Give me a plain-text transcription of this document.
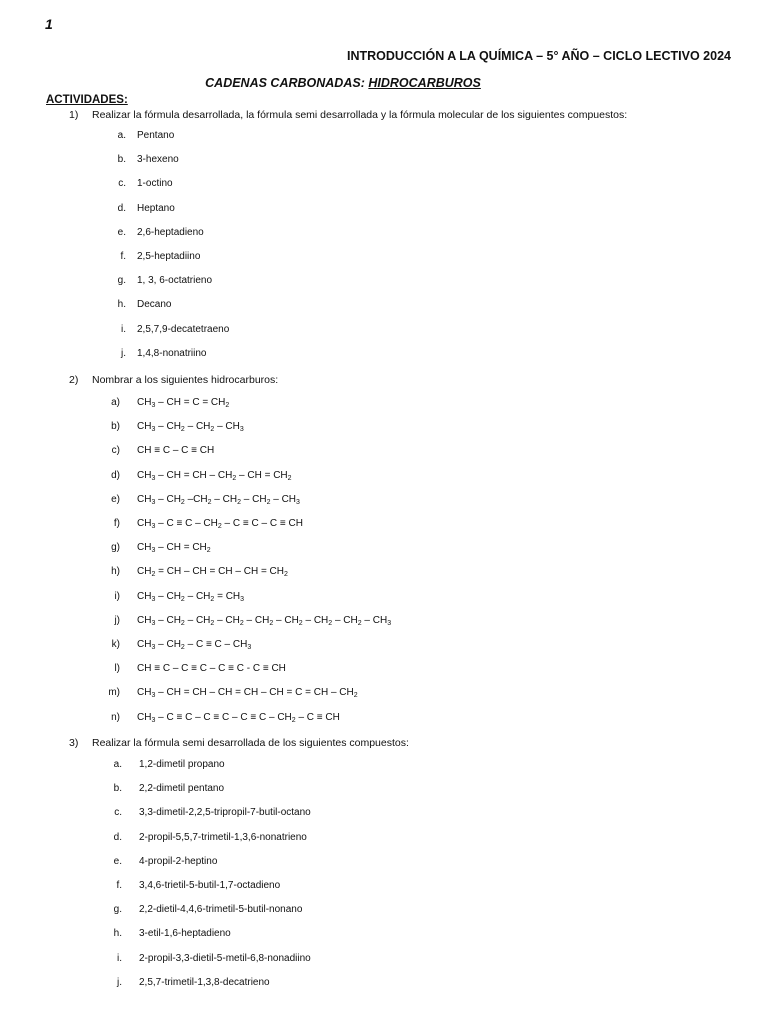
1
INTRODUCCIÓN A LA QUÍMICA – 5° AÑO – CICLO LECTIVO 2024
CADENAS CARBONADAS: HIDROCARBUROS
ACTIVIDADES:
1) Realizar la fórmula desarrollada, la fórmula semi desarrollada y la fórmula molecular de los siguientes compuestos:
2) Nombrar a los siguientes hidrocarburos:
3) Realizar la fórmula semi desarrollada de los siguientes compuestos:
a. Pentano
b. 3-hexeno
c. 1-octino
d. Heptano
e. 2,6-heptadieno
f. 2,5-heptadiino
g. 1, 3, 6-octatrieno
h. Decano
i. 2,5,7,9-decatetraeno
j. 1,4,8-nonatriino
a) $CH_3$ – CH = $C = CH_2$
b) $CH_3 - CH_2 - CH_2 - CH_3$
c) CH ≡ C – C ≡ CH
d) $CH_3$ – CH = CH – $CH_2$ – CH = $CH_2$
e) $CH_3 - CH_2$ $-CH_2 - CH_2 - CH_2 - CH_3$
f) $CH_3 - C \equiv C - CH_2 - C \equiv C - C$ ≡ CH
g) $CH_3$ – CH = $CH_2$
h) $CH_2$ = CH – CH = CH – CH = $CH_2$
i) $CH_3 - CH_2 - CH_2 = CH_3$
j) $CH_3 - CH_2 - CH_2 - CH_2 - CH_2 - CH_2 - CH_2 - CH_2 - CH_3$
k) $CH_3 - CH_2 - C \equiv C - CH_3$
l) CH ≡ C – C ≡ C – C ≡ C - C ≡ CH
m) $CH_3$ – CH = CH – CH = CH – CH = C = CH – $CH_2$
n) $CH_3 - C \equiv C - C \equiv C - C \equiv C - CH_2 - C$ ≡ CH
a. 1,2-dimetil propano
b. 2,2-dimetil pentano
c. 3,3-dimetil-2,2,5-tripropil-7-butil-octano
d. 2-propil-5,5,7-trimetil-1,3,6-nonatrieno
e. 4-propil-2-heptino
f. 3,4,6-trietil-5-butil-1,7-octadieno
g. 2,2-dietil-4,4,6-trimetil-5-butil-nonano
h. 3-etil-1,6-heptadieno
i. 2-propil-3,3-dietil-5-metil-6,8-nonadiino
j. 2,5,7-trimetil-1,3,8-decatrieno
